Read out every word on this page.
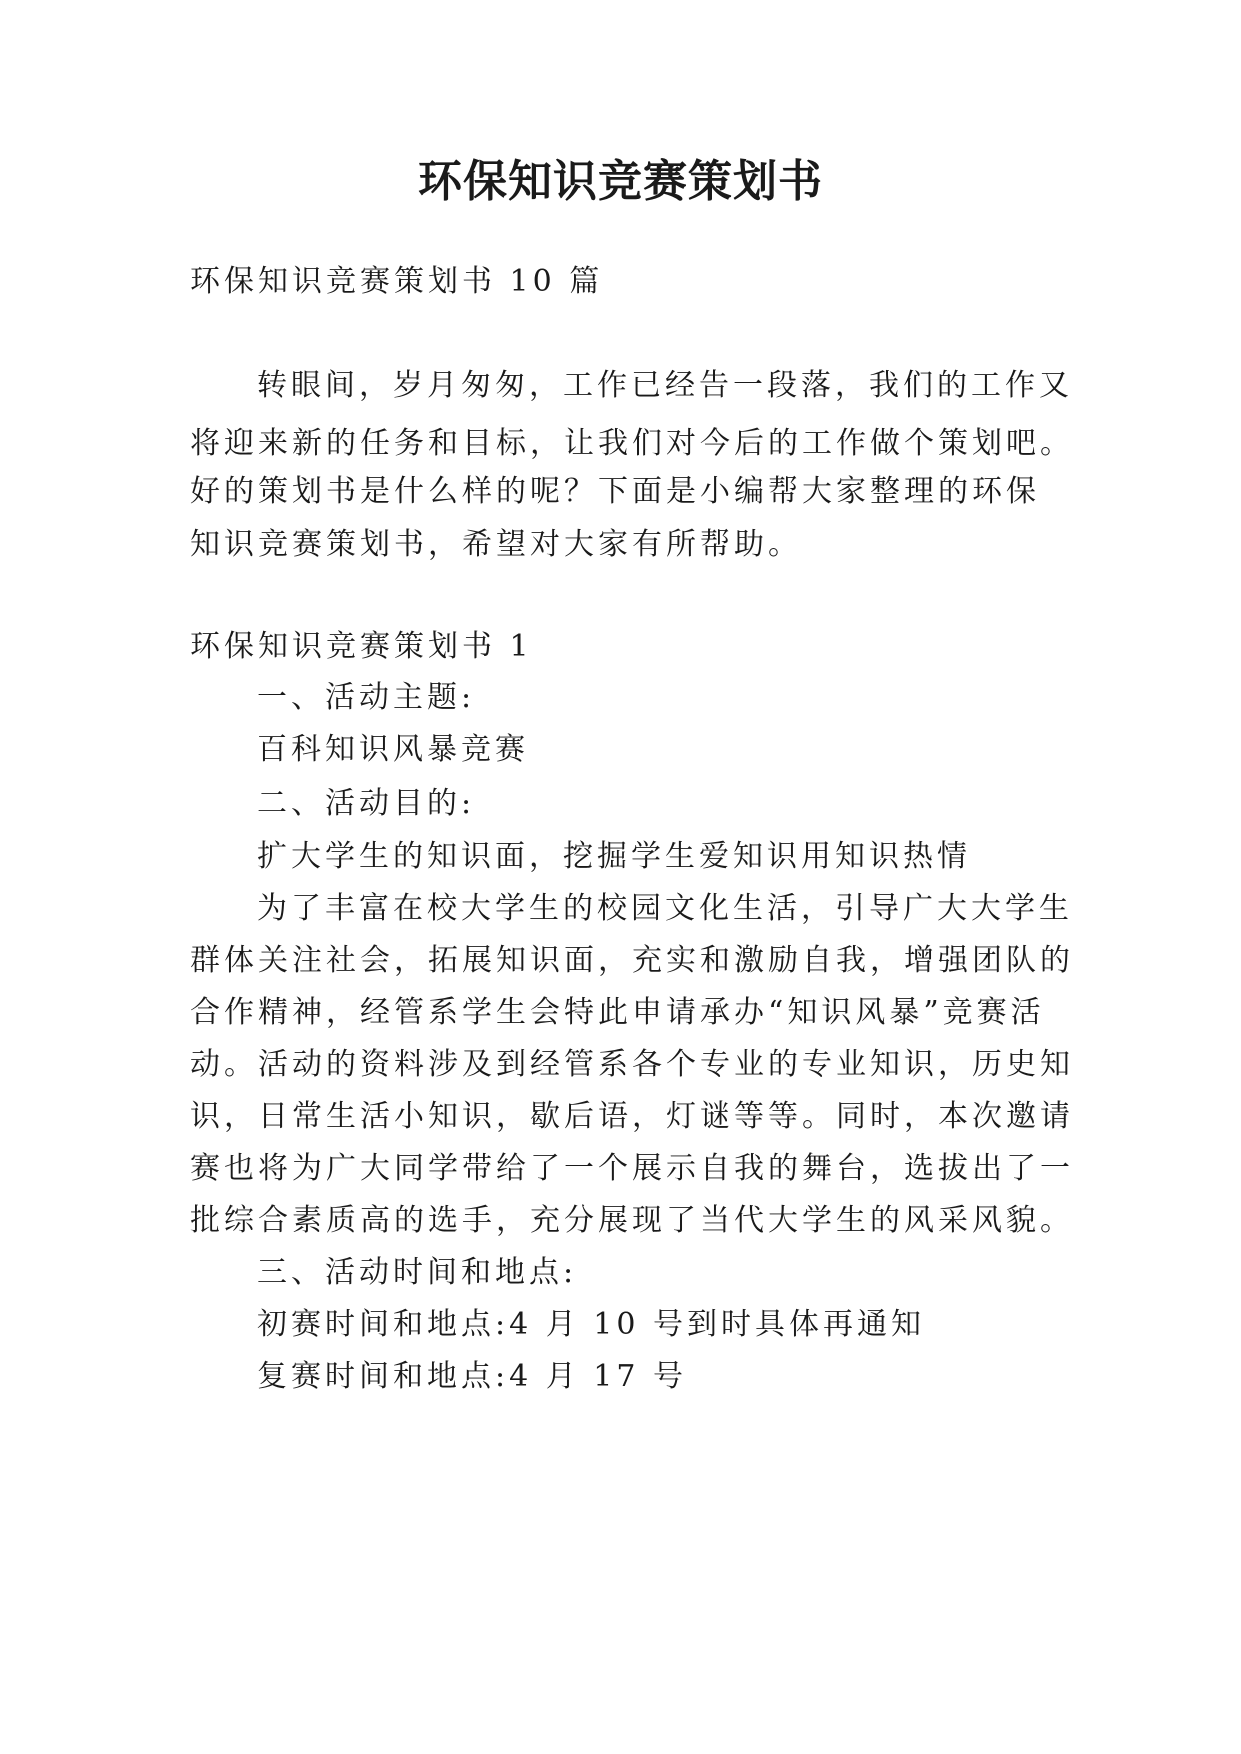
环保知识竞赛策划书
环保知识竞赛策划书 10 篇
转眼间，岁月匆匆，工作已经告一段落，我们的工作又
将迎来新的任务和目标，让我们对今后的工作做个策划吧。
好的策划书是什么样的呢？下面是小编帮大家整理的环保
知识竞赛策划书，希望对大家有所帮助。
环保知识竞赛策划书 1
一、活动主题:
百科知识风暴竞赛
二、活动目的:
扩大学生的知识面，挖掘学生爱知识用知识热情
为了丰富在校大学生的校园文化生活，引导广大大学生
群体关注社会，拓展知识面，充实和激励自我，增强团队的
合作精神，经管系学生会特此申请承办“知识风暴”竞赛活
动。活动的资料涉及到经管系各个专业的专业知识，历史知
识，日常生活小知识，歇后语，灯谜等等。同时，本次邀请
赛也将为广大同学带给了一个展示自我的舞台，选拔出了一
批综合素质高的选手，充分展现了当代大学生的风采风貌。
三、活动时间和地点:
初赛时间和地点:4 月 10 号到时具体再通知
复赛时间和地点:4 月 17 号
